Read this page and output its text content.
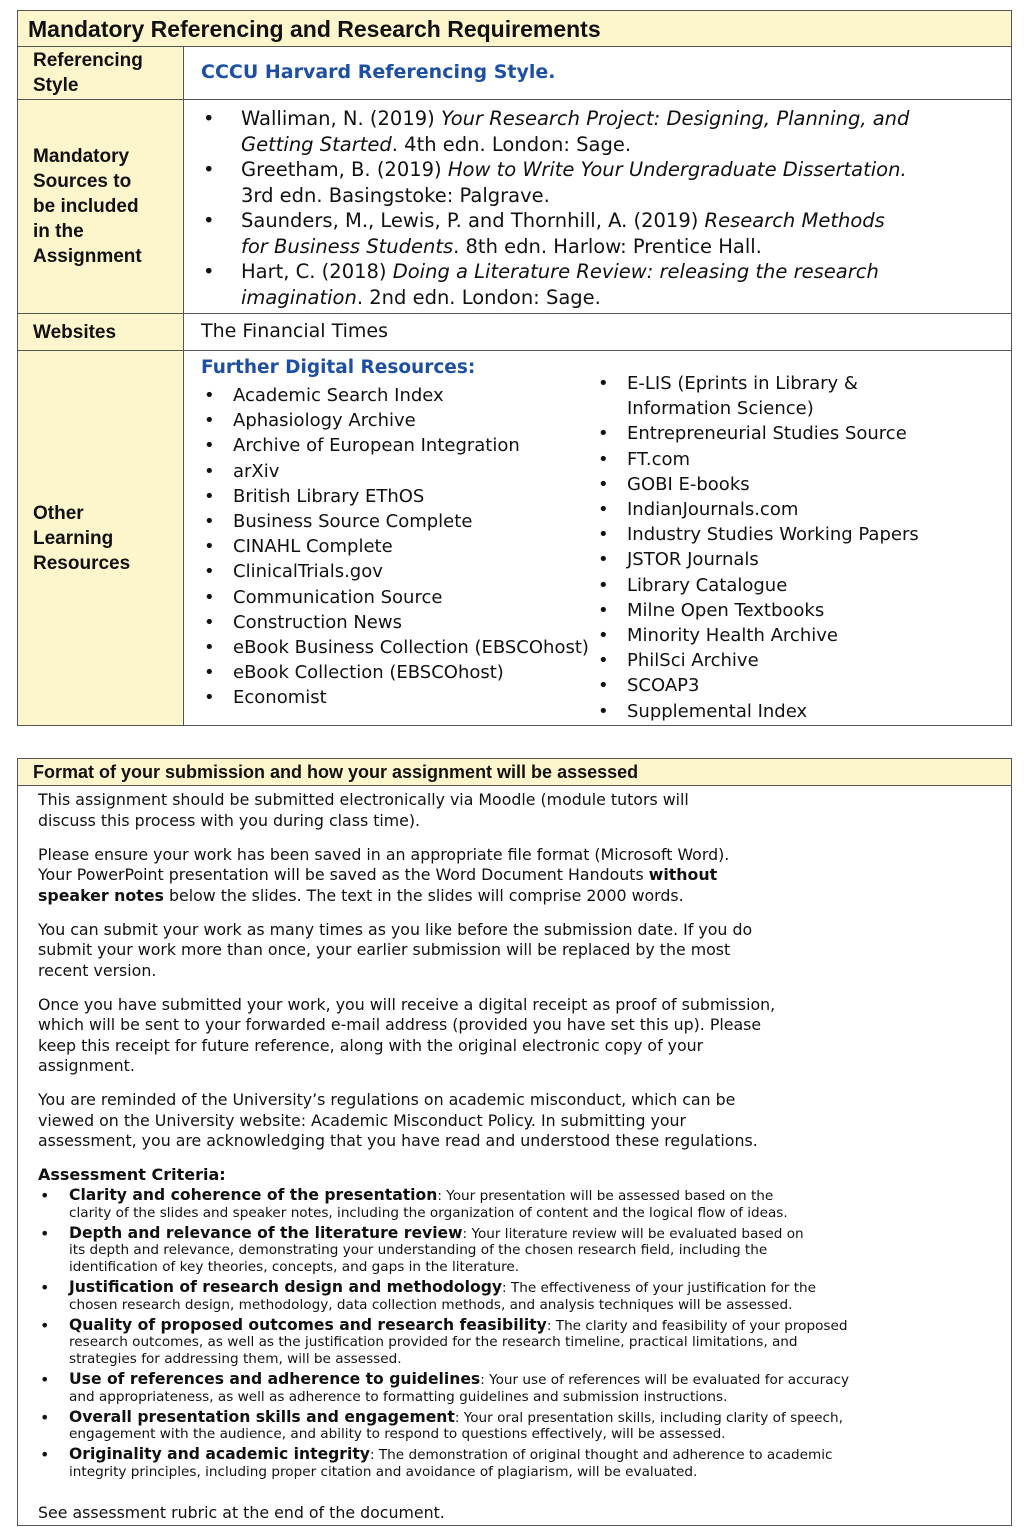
Mandatory Referencing and Research Requirements
Referencing
Style
CCCU Harvard Referencing Style.
Mandatory
Sources to
be included
in the
Assignment
• Walliman, N. (2019) Your Research Project: Designing, Planning, and
Getting Started. 4th edn. London: Sage.
• Greetham, B. (2019) How to Write Your Undergraduate Dissertation.
3rd edn. Basingstoke: Palgrave.
• Saunders, M., Lewis, P. and Thornhill, A. (2019) Research Methods
for Business Students. 8th edn. Harlow: Prentice Hall.
• Hart, C. (2018) Doing a Literature Review: releasing the research
imagination. 2nd edn. London: Sage.
Websites	The Financial Times
Other
Learning
Resources
Further Digital Resources:
• Academic Search Index
• Aphasiology Archive
• Archive of European Integration
• arXiv
• British Library EThOS
• Business Source Complete
• CINAHL Complete
• ClinicalTrials.gov
• Communication Source
• Construction News
• eBook Business Collection (EBSCOhost)
• eBook Collection (EBSCOhost)
• Economist
• E-LIS (Eprints in Library &
Information Science)
• Entrepreneurial Studies Source
• FT.com
• GOBI E-books
• IndianJournals.com
• Industry Studies Working Papers
• JSTOR Journals
• Library Catalogue
• Milne Open Textbooks
• Minority Health Archive
• PhilSci Archive
• SCOAP3
• Supplemental Index
Format of your submission and how your assignment will be assessed
This assignment should be submitted electronically via Moodle (module tutors will
discuss this process with you during class time).
Please ensure your work has been saved in an appropriate file format (Microsoft Word).
Your PowerPoint presentation will be saved as the Word Document Handouts without
speaker notes below the slides. The text in the slides will comprise 2000 words.
You can submit your work as many times as you like before the submission date. If you do
submit your work more than once, your earlier submission will be replaced by the most
recent version.
Once you have submitted your work, you will receive a digital receipt as proof of submission,
which will be sent to your forwarded e-mail address (provided you have set this up). Please
keep this receipt for future reference, along with the original electronic copy of your
assignment.
You are reminded of the University’s regulations on academic misconduct, which can be
viewed on the University website: Academic Misconduct Policy. In submitting your
assessment, you are acknowledging that you have read and understood these regulations.
Assessment Criteria:
• Clarity and coherence of the presentation: Your presentation will be assessed based on the
clarity of the slides and speaker notes, including the organization of content and the logical flow of ideas.
• Depth and relevance of the literature review: Your literature review will be evaluated based on
its depth and relevance, demonstrating your understanding of the chosen research field, including the
identification of key theories, concepts, and gaps in the literature.
• Justification of research design and methodology: The effectiveness of your justification for the
chosen research design, methodology, data collection methods, and analysis techniques will be assessed.
• Quality of proposed outcomes and research feasibility: The clarity and feasibility of your proposed
research outcomes, as well as the justification provided for the research timeline, practical limitations, and
strategies for addressing them, will be assessed.
• Use of references and adherence to guidelines: Your use of references will be evaluated for accuracy
and appropriateness, as well as adherence to formatting guidelines and submission instructions.
• Overall presentation skills and engagement: Your oral presentation skills, including clarity of speech,
engagement with the audience, and ability to respond to questions effectively, will be assessed.
• Originality and academic integrity: The demonstration of original thought and adherence to academic
integrity principles, including proper citation and avoidance of plagiarism, will be evaluated.
See assessment rubric at the end of the document.
